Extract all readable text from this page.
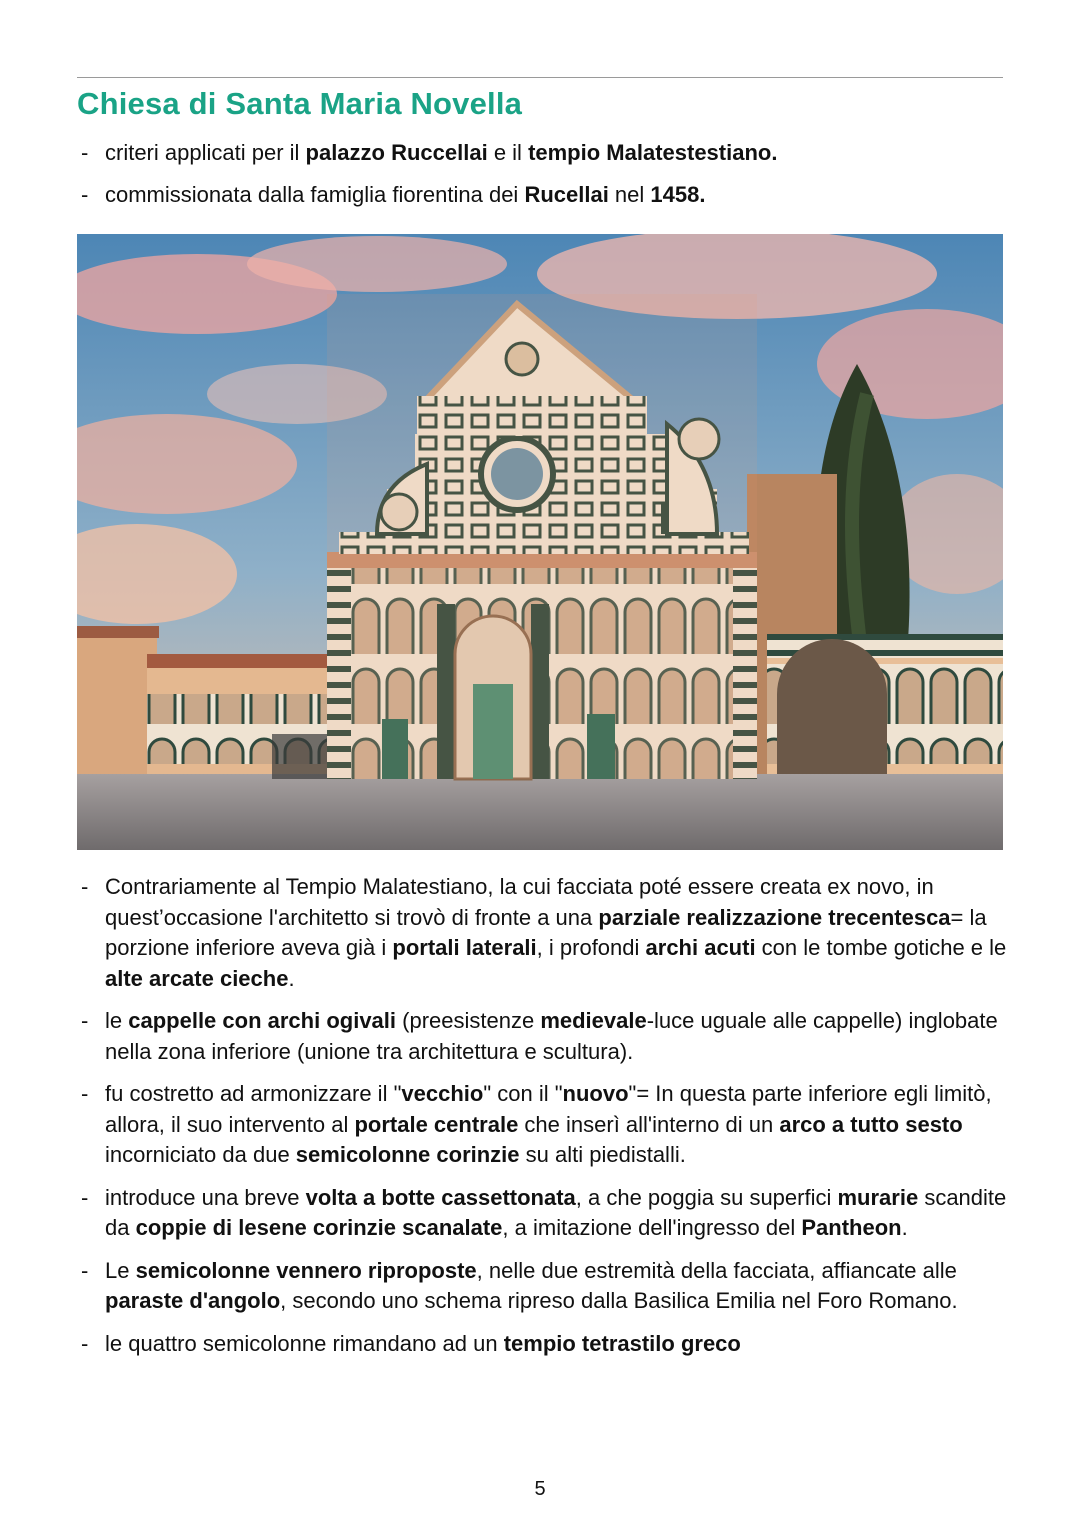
Chiesa di Santa Maria Novella
- criteri applicati per il palazzo Ruccellai e il tempio Malatestestiano.
- commissionata dalla famiglia fiorentina dei Rucellai nel 1458.
- Contrariamente al Tempio Malatestiano, la cui facciata poté essere creata ex novo, in quest’occasione l'architetto si trovò di fronte a una parziale realizzazione trecentesca= la porzione inferiore aveva già i portali laterali, i profondi archi acuti con le tombe gotiche e le alte arcate cieche.
- le cappelle con archi ogivali (preesistenze medievale-luce uguale alle cappelle) inglobate nella zona inferiore (unione tra architettura e scultura).
- fu costretto ad armonizzare il "vecchio" con il "nuovo"= In questa parte inferiore egli limitò, allora, il suo intervento al portale centrale che inserì all'interno di un arco a tutto sesto incorniciato da due semicolonne corinzie su alti piedistalli.
- introduce una breve volta a botte cassettonata, a che poggia su superfici murarie scandite da coppie di lesene corinzie scanalate, a imitazione dell'ingresso del Pantheon.
- Le semicolonne vennero riproposte, nelle due estremità della facciata, affiancate alle paraste d'angolo, secondo uno schema ripreso dalla Basilica Emilia nel Foro Romano.
- le quattro semicolonne rimandano ad un tempio tetrastilo greco
5
